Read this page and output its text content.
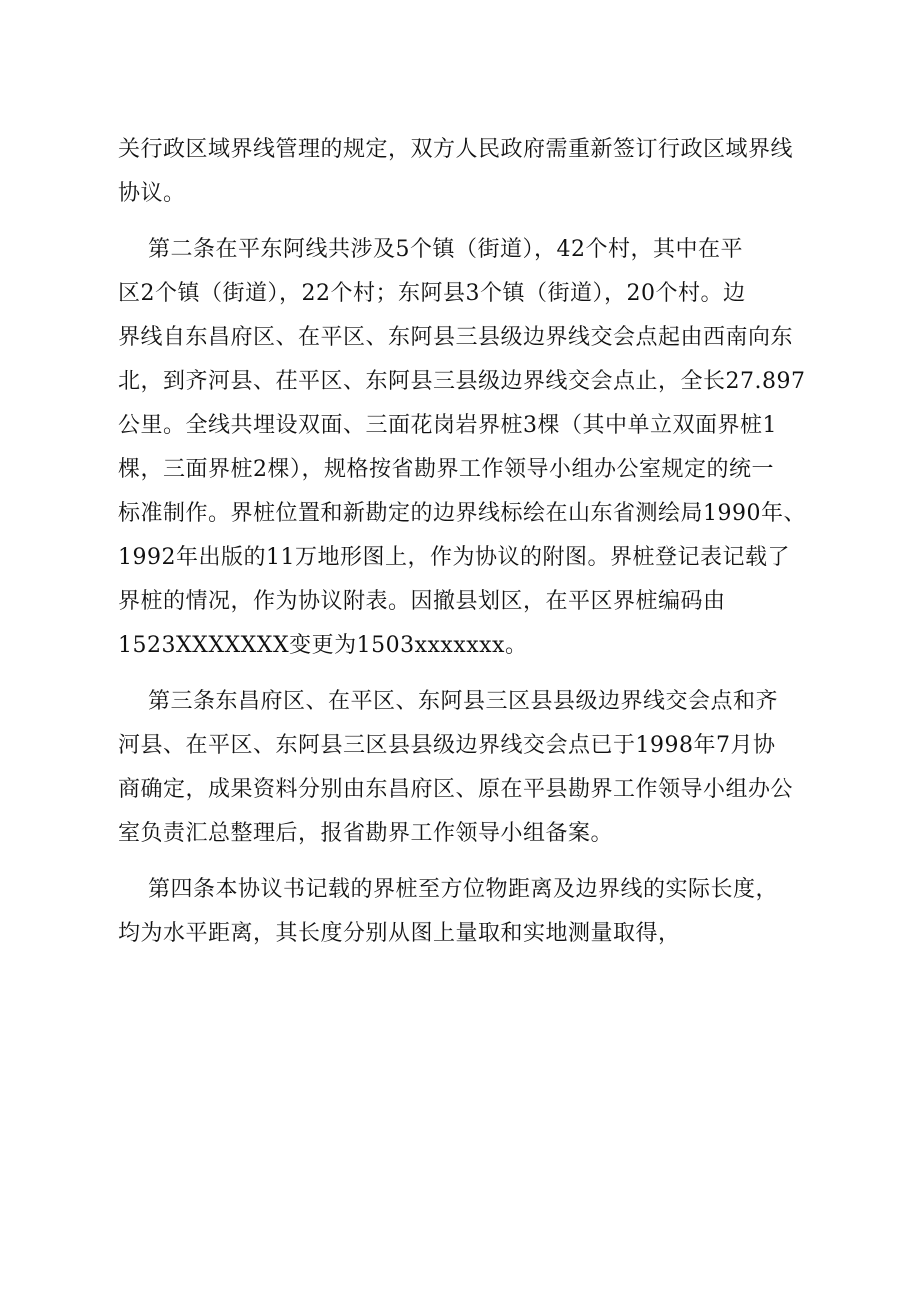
关行政区域界线管理的规定，双方人民政府需重新签订行政区域界线
协议。
第二条在平东阿线共涉及5个镇（街道），42个村，其中在平
区2个镇（街道），22个村；东阿县3个镇（街道），20个村。边
界线自东昌府区、在平区、东阿县三县级边界线交会点起由西南向东
北，到齐河县、茌平区、东阿县三县级边界线交会点止，全长27.897
公里。全线共埋设双面、三面花岗岩界桩3棵（其中单立双面界桩1
棵，三面界桩2棵），规格按省勘界工作领导小组办公室规定的统一
标准制作。界桩位置和新勘定的边界线标绘在山东省测绘局1990年、
1992年出版的11万地形图上，作为协议的附图。界桩登记表记载了
界桩的情况，作为协议附表。因撤县划区，在平区界桩编码由
1523XXXXXXX变更为1503xxxxxxx。
第三条东昌府区、在平区、东阿县三区县县级边界线交会点和齐
河县、在平区、东阿县三区县县级边界线交会点已于1998年7月协
商确定，成果资料分别由东昌府区、原在平县勘界工作领导小组办公
室负责汇总整理后，报省勘界工作领导小组备案。
第四条本协议书记载的界桩至方位物距离及边界线的实际长度，
均为水平距离，其长度分别从图上量取和实地测量取得，
